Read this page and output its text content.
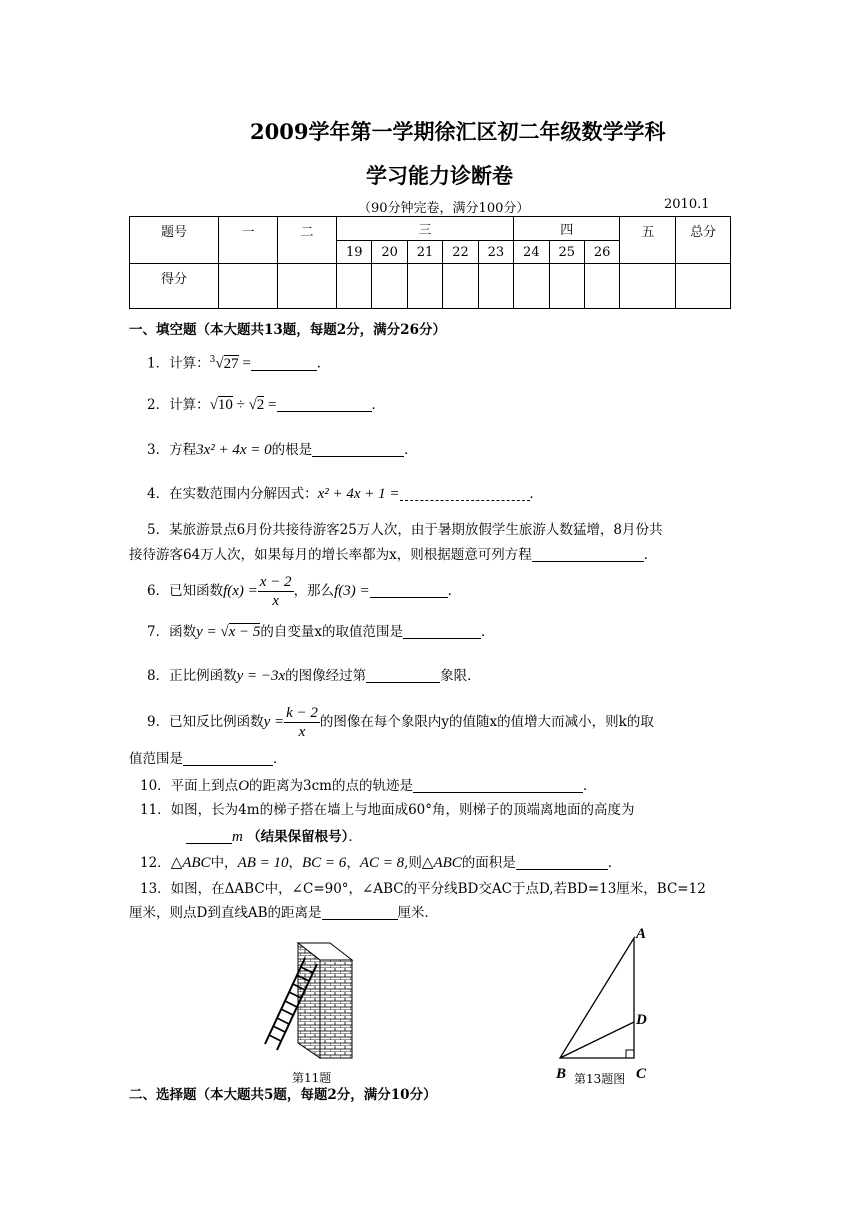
2009学年第一学期徐汇区初二年级数学学科
学习能力诊断卷
（90分钟完卷，满分100分）	2010.1
题号	一	二	三					四			五	总分
			19	20	21	22	23	24	25	26		
得分												
一、填空题（本大题共13题，每题2分，满分26分）
1．计算：$^3$√27 =	．
2．计算：√10 ÷ √2 =	．
3．方程3x² + 4x = 0的根是	．
4．在实数范围内分解因式：x² + 4x + 1 =	．
5．某旅游景点6月份共接待游客25万人次，由于暑期放假学生旅游人数猛增，8月份共
接待游客64万人次，如果每月的增长率都为x，则根据题意可列方程	．
6．已知函数$f(x) = \frac{x - 2}{x}$ ，那么f(3) =	．
7．函数y = √x − 5的自变量x的取值范围是	．
8．正比例函数y = −3x的图像经过第	象限．
9．已知反比例函数$y = \frac{k - 2}{x}$ 的图像在每个象限内y的值随x的值增大而减小，则k的取
值范围是	．
10．平面上到点O的距离为3cm的点的轨迹是	．
11．如图，长为4m的梯子搭在墙上与地面成60°角，则梯子的顶端离地面的高度为
m （结果保留根号）．
12．△ABC中，AB = 10，BC = 6，AC = 8,则△ABC的面积是	．
13．如图，在ΔABC中，∠C=90°，∠ABC的平分线BD交AC于点D,若BD=13厘米，BC=12
厘米，则点D到直线AB的距离是	厘米．
第11题
A
D
B 第13题图 C
二、选择题（本大题共5题，每题2分，满分10分）
